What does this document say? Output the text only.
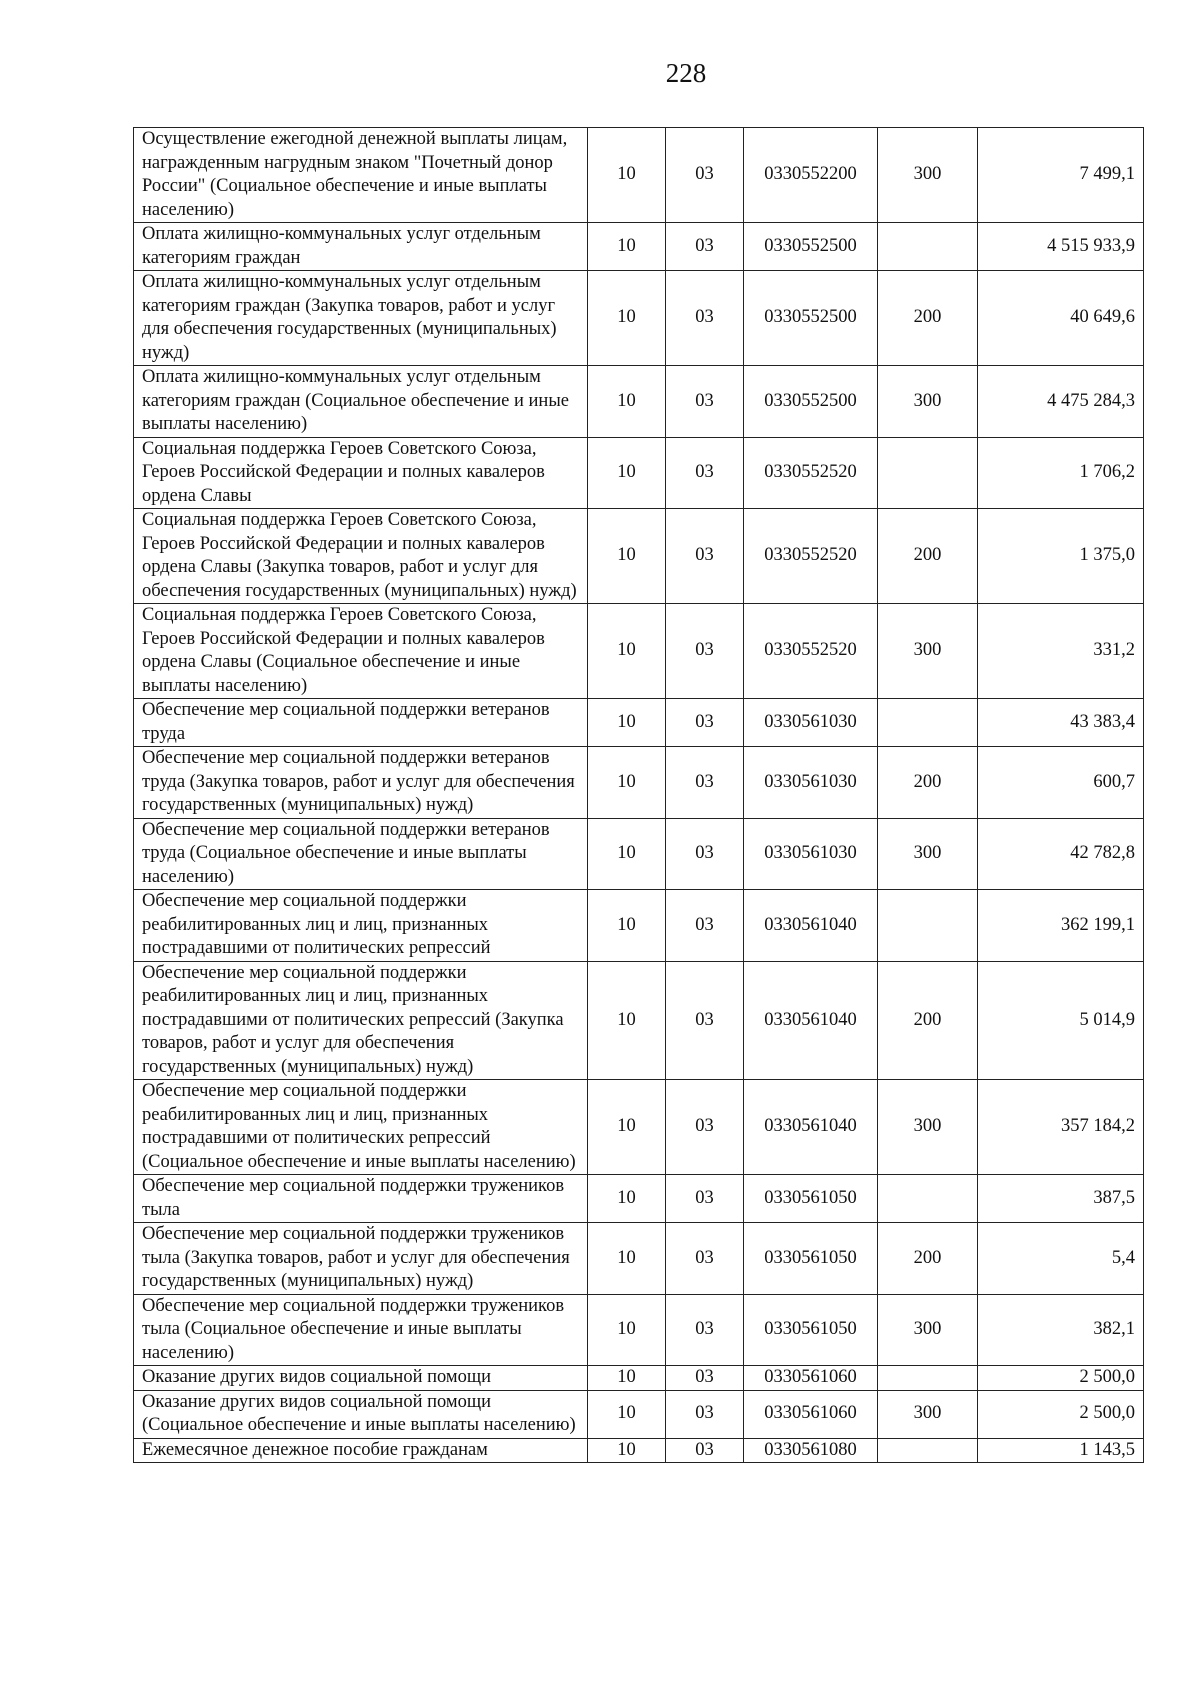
228
Осуществление ежегодной денежной выплаты лицам, награжденным нагрудным знаком "Почетный донор России" (Социальное обеспечение и иные выплаты населению)	10	03	0330552200	300	7 499,1
Оплата жилищно-коммунальных услуг отдельным категориям граждан	10	03	0330552500		4 515 933,9
Оплата жилищно-коммунальных услуг отдельным категориям граждан (Закупка товаров, работ и услуг для обеспечения государственных (муниципальных) нужд)	10	03	0330552500	200	40 649,6
Оплата жилищно-коммунальных услуг отдельным категориям граждан (Социальное обеспечение и иные выплаты населению)	10	03	0330552500	300	4 475 284,3
Социальная поддержка Героев Советского Союза, Героев Российской Федерации и полных кавалеров ордена Славы	10	03	0330552520		1 706,2
Социальная поддержка Героев Советского Союза, Героев Российской Федерации и полных кавалеров ордена Славы (Закупка товаров, работ и услуг для обеспечения государственных (муниципальных) нужд)	10	03	0330552520	200	1 375,0
Социальная поддержка Героев Советского Союза, Героев Российской Федерации и полных кавалеров ордена Славы (Социальное обеспечение и иные выплаты населению)	10	03	0330552520	300	331,2
Обеспечение мер социальной поддержки ветеранов труда	10	03	0330561030		43 383,4
Обеспечение мер социальной поддержки ветеранов труда (Закупка товаров, работ и услуг для обеспечения государственных (муниципальных) нужд)	10	03	0330561030	200	600,7
Обеспечение мер социальной поддержки ветеранов труда (Социальное обеспечение и иные выплаты населению)	10	03	0330561030	300	42 782,8
Обеспечение мер социальной поддержки реабилитированных лиц и лиц, признанных пострадавшими от политических репрессий	10	03	0330561040		362 199,1
Обеспечение мер социальной поддержки реабилитированных лиц и лиц, признанных пострадавшими от политических репрессий (Закупка товаров, работ и услуг для обеспечения государственных (муниципальных) нужд)	10	03	0330561040	200	5 014,9
Обеспечение мер социальной поддержки реабилитированных лиц и лиц, признанных пострадавшими от политических репрессий (Социальное обеспечение и иные выплаты населению)	10	03	0330561040	300	357 184,2
Обеспечение мер социальной поддержки тружеников тыла	10	03	0330561050		387,5
Обеспечение мер социальной поддержки тружеников тыла (Закупка товаров, работ и услуг для обеспечения государственных (муниципальных) нужд)	10	03	0330561050	200	5,4
Обеспечение мер социальной поддержки тружеников тыла (Социальное обеспечение и иные выплаты населению)	10	03	0330561050	300	382,1
Оказание других видов социальной помощи	10	03	0330561060		2 500,0
Оказание других видов социальной помощи (Социальное обеспечение и иные выплаты населению)	10	03	0330561060	300	2 500,0
Ежемесячное денежное пособие гражданам	10	03	0330561080		1 143,5
